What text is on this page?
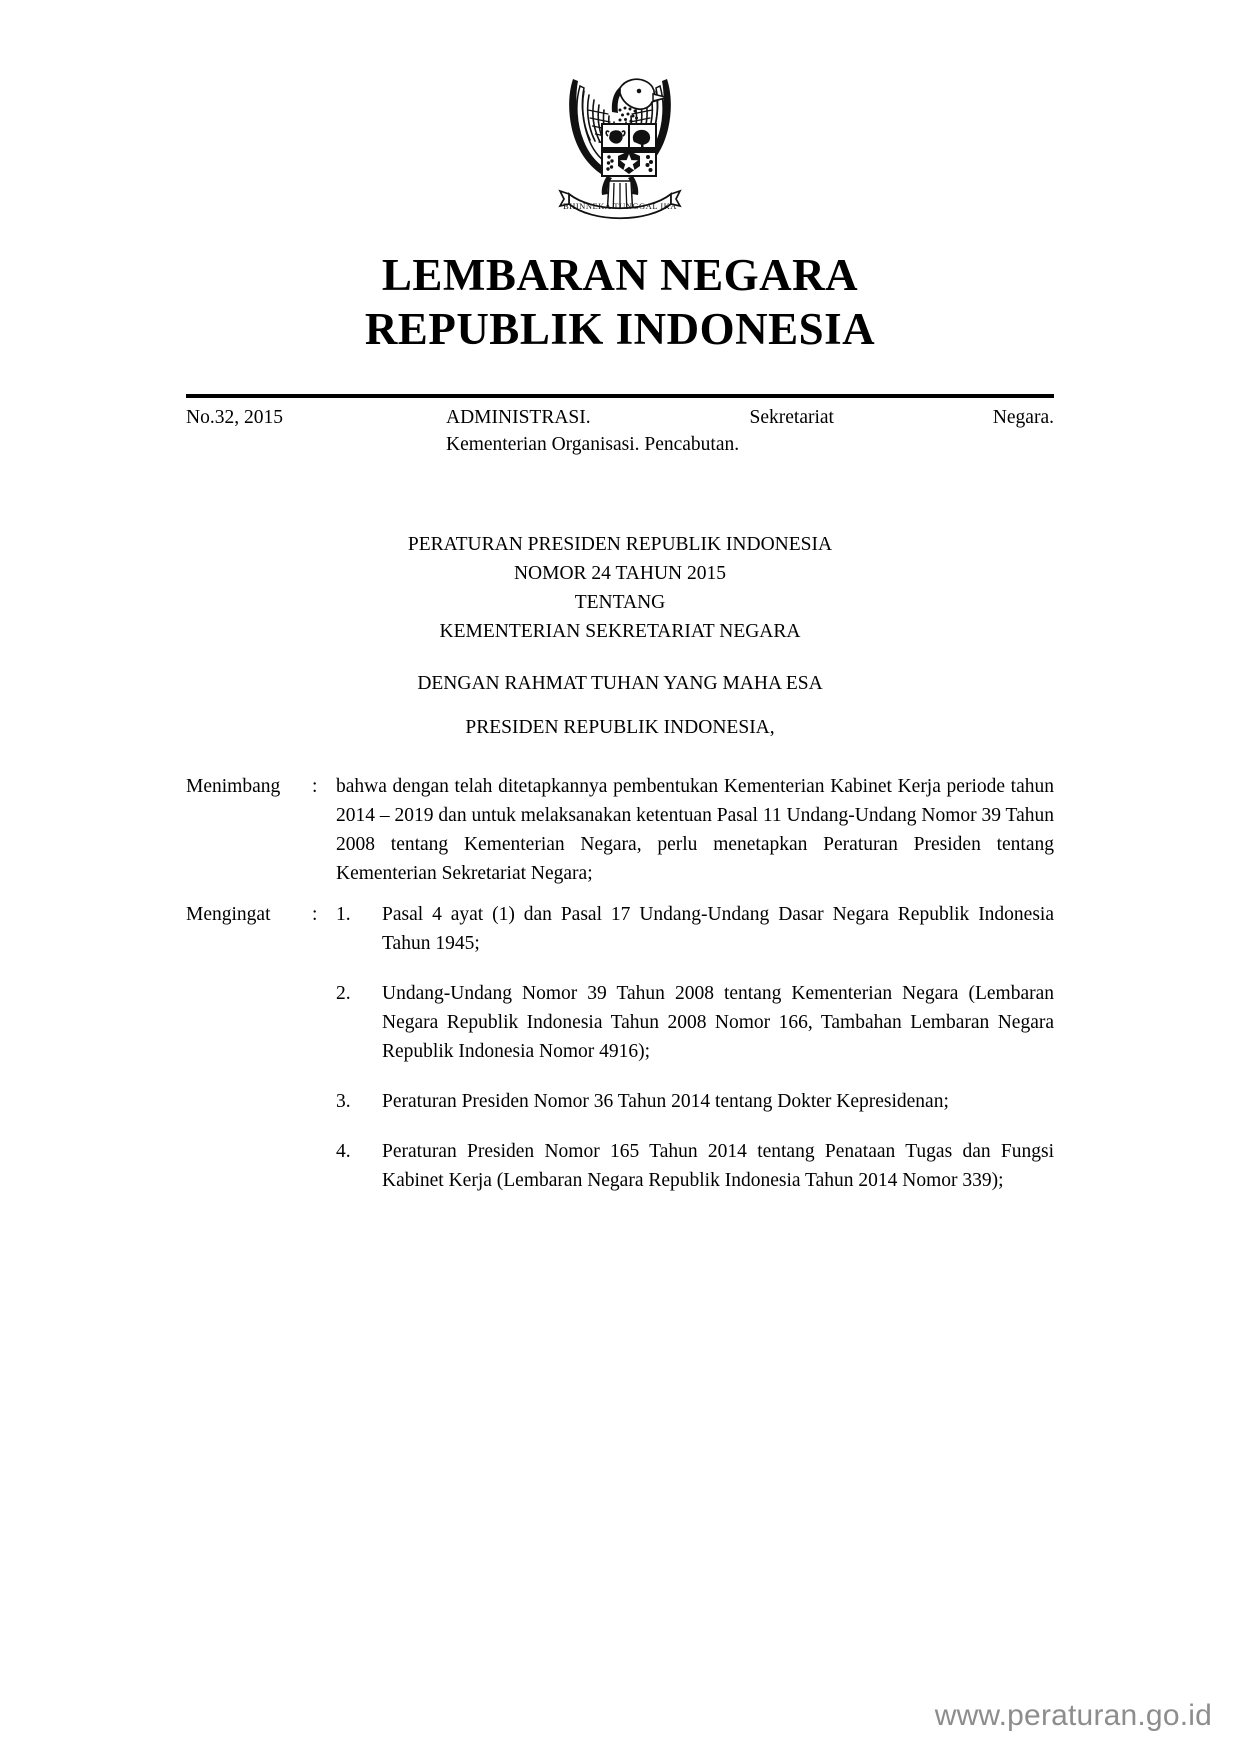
BHINNEKA TUNGGAL IKA
LEMBARAN NEGARA
REPUBLIK INDONESIA
No.32, 2015	ADMINISTRASI. Sekretariat Negara.
Kementerian Organisasi. Pencabutan.
PERATURAN PRESIDEN REPUBLIK INDONESIA
NOMOR 24 TAHUN 2015
TENTANG
KEMENTERIAN SEKRETARIAT NEGARA
DENGAN RAHMAT TUHAN YANG MAHA ESA
PRESIDEN REPUBLIK INDONESIA,
Menimbang	: bahwa dengan telah ditetapkannya pembentukan Kementerian Kabinet Kerja periode tahun 2014 – 2019 dan untuk melaksanakan ketentuan Pasal 11 Undang-Undang Nomor 39 Tahun 2008 tentang Kementerian Negara, perlu menetapkan Peraturan Presiden tentang Kementerian Sekretariat Negara;

Mengingat	: 1.	Pasal 4 ayat (1) dan Pasal 17 Undang-Undang Dasar Negara Republik Indonesia Tahun 1945;
2.	Undang-Undang Nomor 39 Tahun 2008 tentang Kementerian Negara (Lembaran Negara Republik Indonesia Tahun 2008 Nomor 166, Tambahan Lembaran Negara Republik Indonesia Nomor 4916);
3.	Peraturan Presiden Nomor 36 Tahun 2014 tentang Dokter Kepresidenan;
4.	Peraturan Presiden Nomor 165 Tahun 2014 tentang Penataan Tugas dan Fungsi Kabinet Kerja (Lembaran Negara Republik Indonesia Tahun 2014 Nomor 339);
www.peraturan.go.id
